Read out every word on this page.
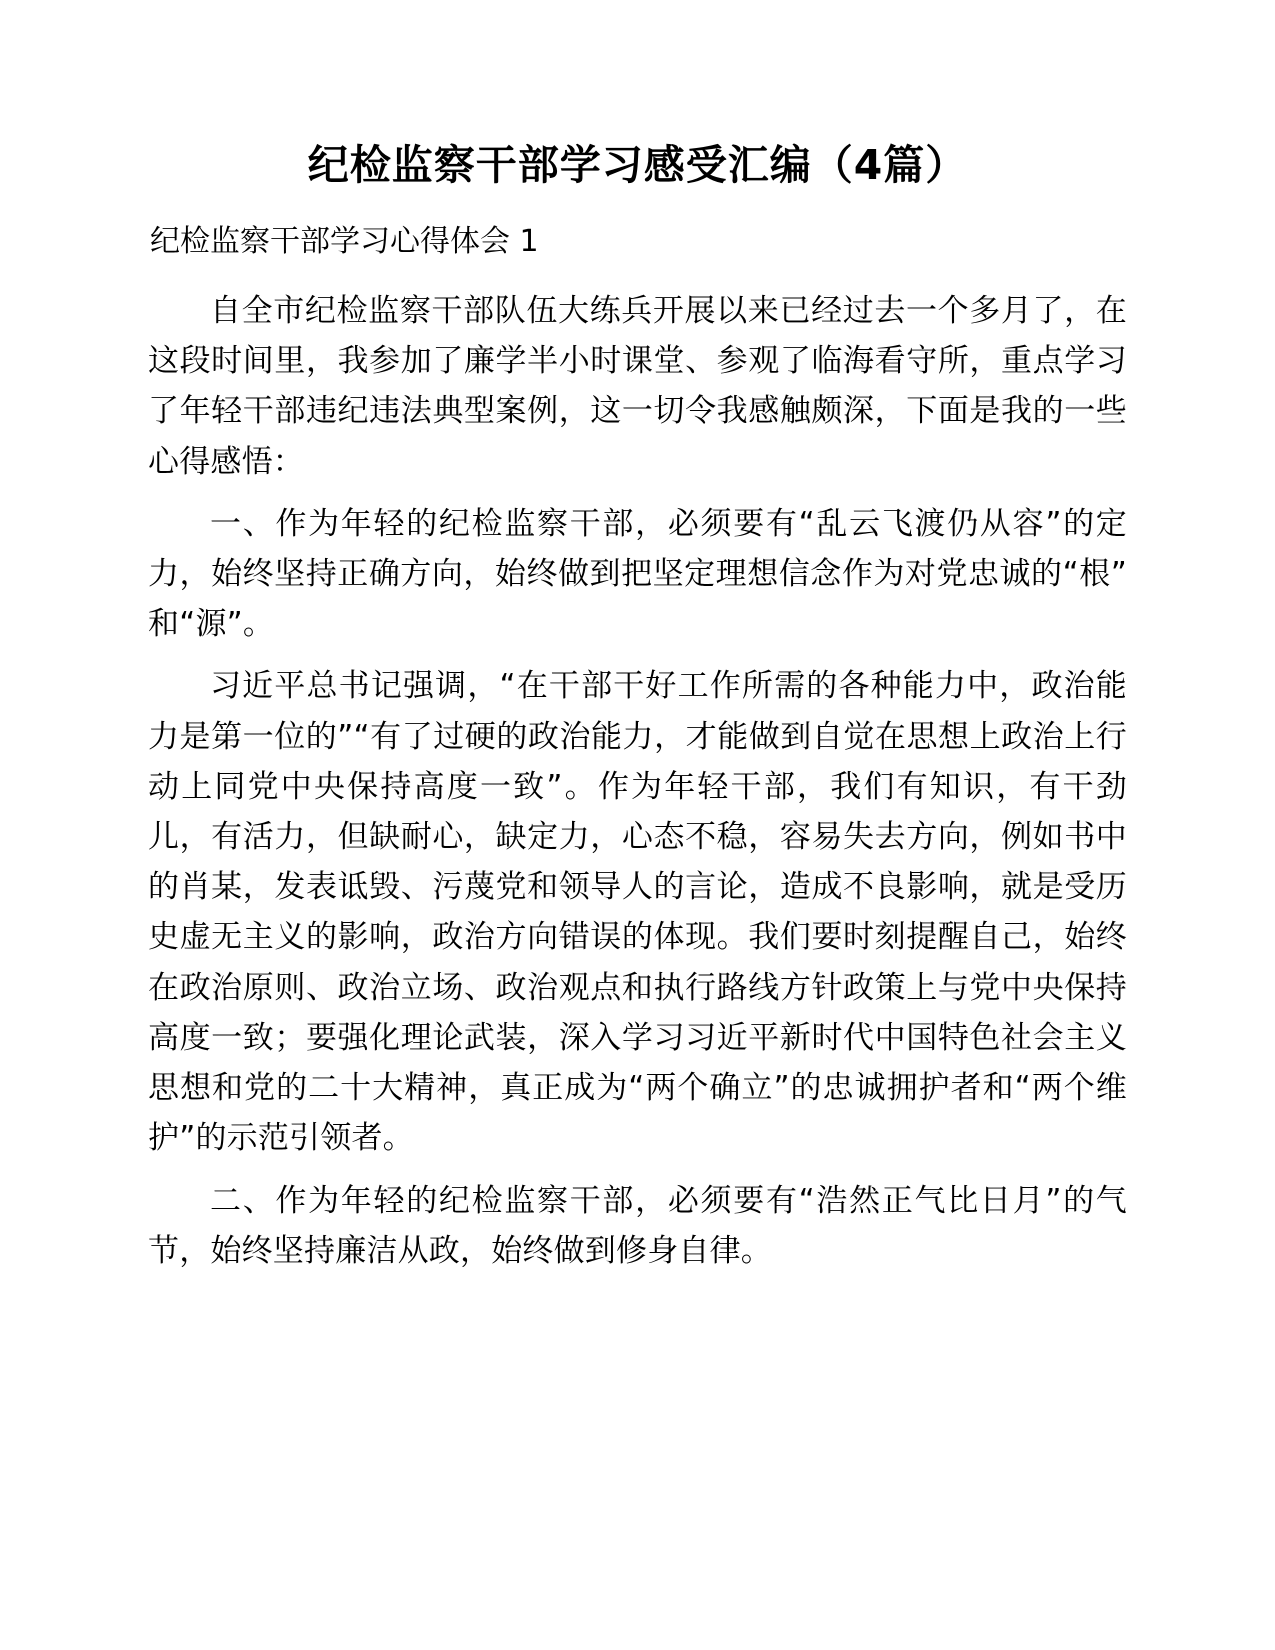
纪检监察干部学习感受汇编（4篇）
纪检监察干部学习心得体会 1

自全市纪检监察干部队伍大练兵开展以来已经过去一个多月了，在这段时间里，我参加了廉学半小时课堂、参观了临海看守所，重点学习了年轻干部违纪违法典型案例，这一切令我感触颇深，下面是我的一些心得感悟：

一、作为年轻的纪检监察干部，必须要有“乱云飞渡仍从容”的定力，始终坚持正确方向，始终做到把坚定理想信念作为对党忠诚的“根”和“源”。

习近平总书记强调，“在干部干好工作所需的各种能力中，政治能力是第一位的”“有了过硬的政治能力，才能做到自觉在思想上政治上行动上同党中央保持高度一致”。作为年轻干部，我们有知识，有干劲儿，有活力，但缺耐心，缺定力，心态不稳，容易失去方向，例如书中的肖某，发表诋毁、污蔑党和领导人的言论，造成不良影响，就是受历史虚无主义的影响，政治方向错误的体现。我们要时刻提醒自己，始终在政治原则、政治立场、政治观点和执行路线方针政策上与党中央保持高度一致；要强化理论武装，深入学习习近平新时代中国特色社会主义思想和党的二十大精神，真正成为“两个确立”的忠诚拥护者和“两个维护”的示范引领者。

二、作为年轻的纪检监察干部，必须要有“浩然正气比日月”的气节，始终坚持廉洁从政，始终做到修身自律。
